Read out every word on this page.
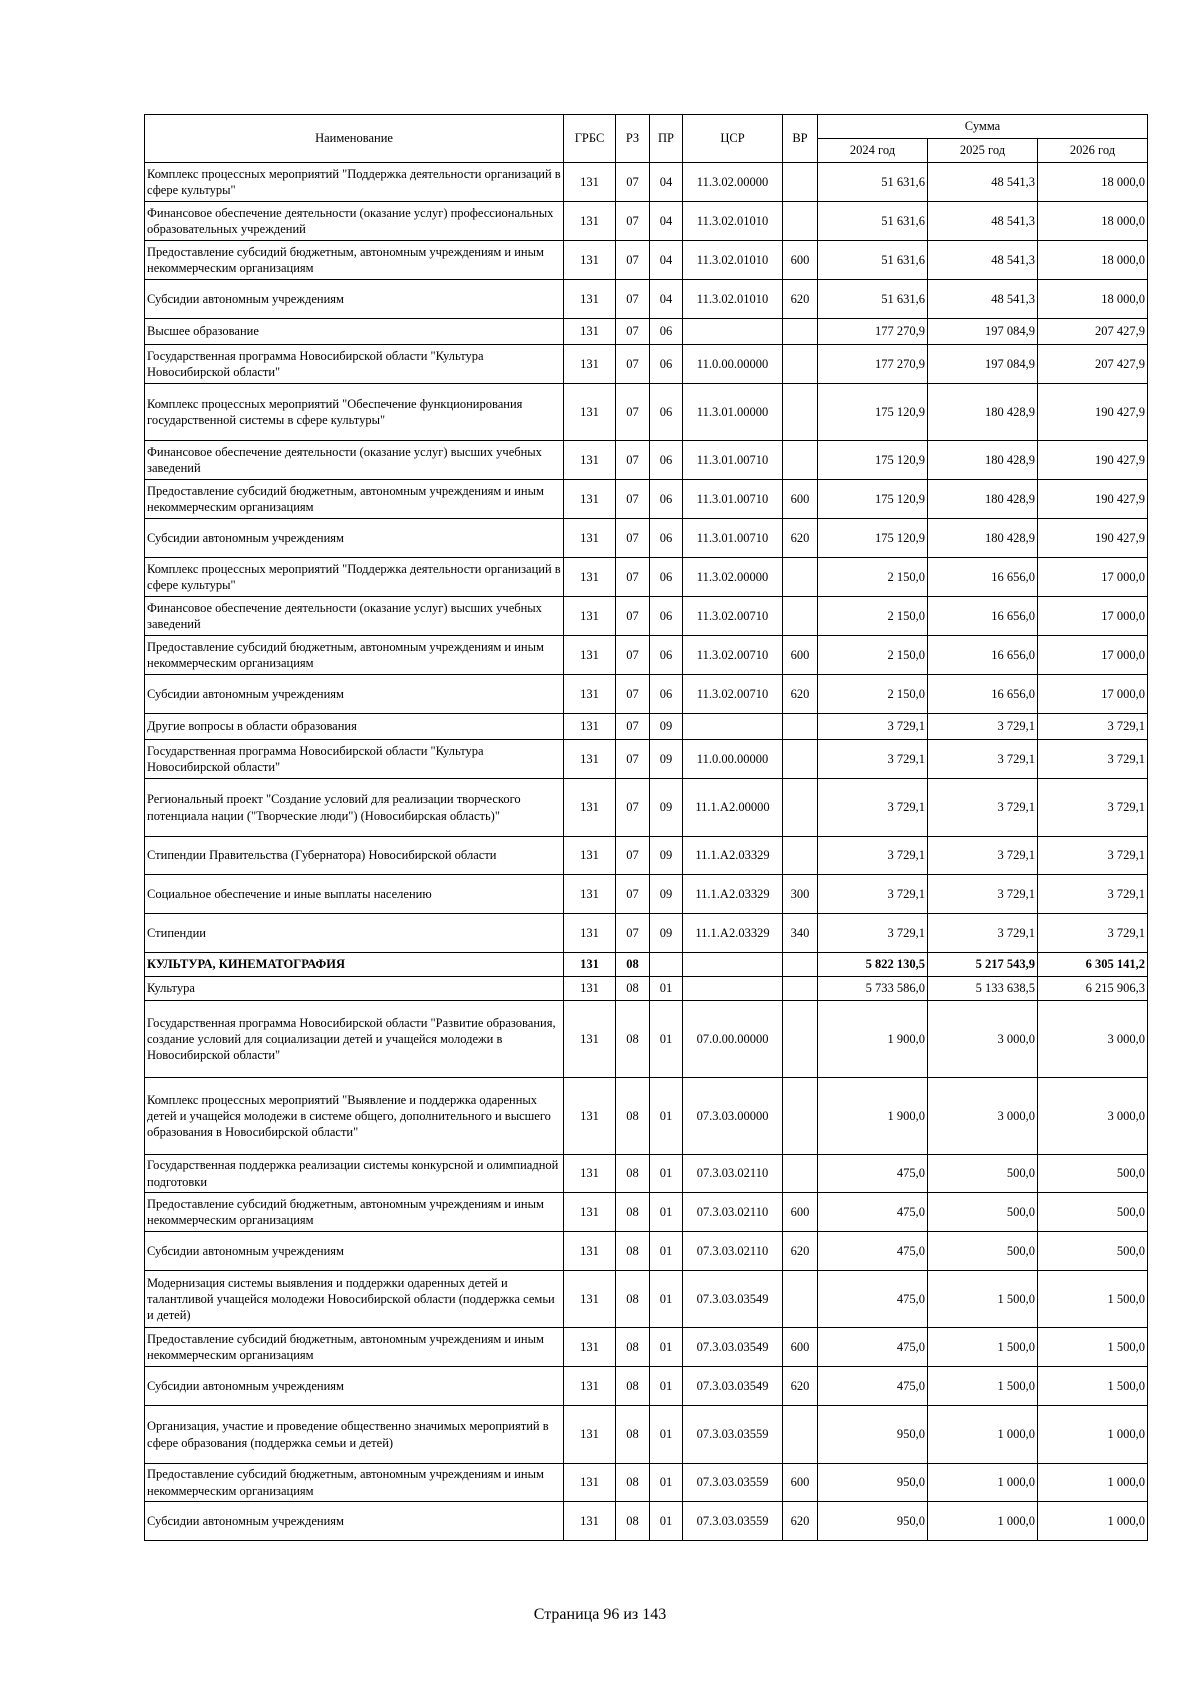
Наименование	ГРБС	РЗ	ПР	ЦСР	ВР	Сумма		
						2024 год	2025 год	2026 год
Комплекс процессных мероприятий "Поддержка деятельности организаций в сфере культуры"	131	07	04	11.3.02.00000		51 631,6	48 541,3	18 000,0
Финансовое обеспечение деятельности (оказание услуг) профессиональных образовательных учреждений	131	07	04	11.3.02.01010		51 631,6	48 541,3	18 000,0
Предоставление субсидий бюджетным, автономным учреждениям и иным некоммерческим организациям	131	07	04	11.3.02.01010	600	51 631,6	48 541,3	18 000,0
Субсидии автономным учреждениям	131	07	04	11.3.02.01010	620	51 631,6	48 541,3	18 000,0
Высшее образование	131	07	06			177 270,9	197 084,9	207 427,9
Государственная программа Новосибирской области "Культура Новосибирской области"	131	07	06	11.0.00.00000		177 270,9	197 084,9	207 427,9
Комплекс процессных мероприятий "Обеспечение функционирования государственной системы в сфере культуры"	131	07	06	11.3.01.00000		175 120,9	180 428,9	190 427,9
Финансовое обеспечение деятельности (оказание услуг) высших учебных заведений	131	07	06	11.3.01.00710		175 120,9	180 428,9	190 427,9
Предоставление субсидий бюджетным, автономным учреждениям и иным некоммерческим организациям	131	07	06	11.3.01.00710	600	175 120,9	180 428,9	190 427,9
Субсидии автономным учреждениям	131	07	06	11.3.01.00710	620	175 120,9	180 428,9	190 427,9
Комплекс процессных мероприятий "Поддержка деятельности организаций в сфере культуры"	131	07	06	11.3.02.00000		2 150,0	16 656,0	17 000,0
Финансовое обеспечение деятельности (оказание услуг) высших учебных заведений	131	07	06	11.3.02.00710		2 150,0	16 656,0	17 000,0
Предоставление субсидий бюджетным, автономным учреждениям и иным некоммерческим организациям	131	07	06	11.3.02.00710	600	2 150,0	16 656,0	17 000,0
Субсидии автономным учреждениям	131	07	06	11.3.02.00710	620	2 150,0	16 656,0	17 000,0
Другие вопросы в области образования	131	07	09			3 729,1	3 729,1	3 729,1
Государственная программа Новосибирской области "Культура Новосибирской области"	131	07	09	11.0.00.00000		3 729,1	3 729,1	3 729,1
Региональный проект "Создание условий для реализации творческого потенциала нации ("Творческие люди") (Новосибирская область)"	131	07	09	11.1.А2.00000		3 729,1	3 729,1	3 729,1
Стипендии Правительства (Губернатора) Новосибирской области	131	07	09	11.1.А2.03329		3 729,1	3 729,1	3 729,1
Социальное обеспечение и иные выплаты населению	131	07	09	11.1.А2.03329	300	3 729,1	3 729,1	3 729,1
Стипендии	131	07	09	11.1.А2.03329	340	3 729,1	3 729,1	3 729,1
КУЛЬТУРА, КИНЕМАТОГРАФИЯ	131	08				5 822 130,5	5 217 543,9	6 305 141,2
Культура	131	08	01			5 733 586,0	5 133 638,5	6 215 906,3
Государственная программа Новосибирской области "Развитие образования, создание условий для социализации детей и учащейся молодежи в Новосибирской области"	131	08	01	07.0.00.00000		1 900,0	3 000,0	3 000,0
Комплекс процессных мероприятий "Выявление и поддержка одаренных детей и учащейся молодежи в системе общего, дополнительного и высшего образования в Новосибирской области"	131	08	01	07.3.03.00000		1 900,0	3 000,0	3 000,0
Государственная поддержка реализации системы конкурсной и олимпиадной подготовки	131	08	01	07.3.03.02110		475,0	500,0	500,0
Предоставление субсидий бюджетным, автономным учреждениям и иным некоммерческим организациям	131	08	01	07.3.03.02110	600	475,0	500,0	500,0
Субсидии автономным учреждениям	131	08	01	07.3.03.02110	620	475,0	500,0	500,0
Модернизация системы выявления и поддержки одаренных детей и талантливой учащейся молодежи Новосибирской области (поддержка семьи и детей)	131	08	01	07.3.03.03549		475,0	1 500,0	1 500,0
Предоставление субсидий бюджетным, автономным учреждениям и иным некоммерческим организациям	131	08	01	07.3.03.03549	600	475,0	1 500,0	1 500,0
Субсидии автономным учреждениям	131	08	01	07.3.03.03549	620	475,0	1 500,0	1 500,0
Организация, участие и проведение общественно значимых мероприятий в сфере образования (поддержка семьи и детей)	131	08	01	07.3.03.03559		950,0	1 000,0	1 000,0
Предоставление субсидий бюджетным, автономным учреждениям и иным некоммерческим организациям	131	08	01	07.3.03.03559	600	950,0	1 000,0	1 000,0
Субсидии автономным учреждениям	131	08	01	07.3.03.03559	620	950,0	1 000,0	1 000,0
Страница 96 из 143
